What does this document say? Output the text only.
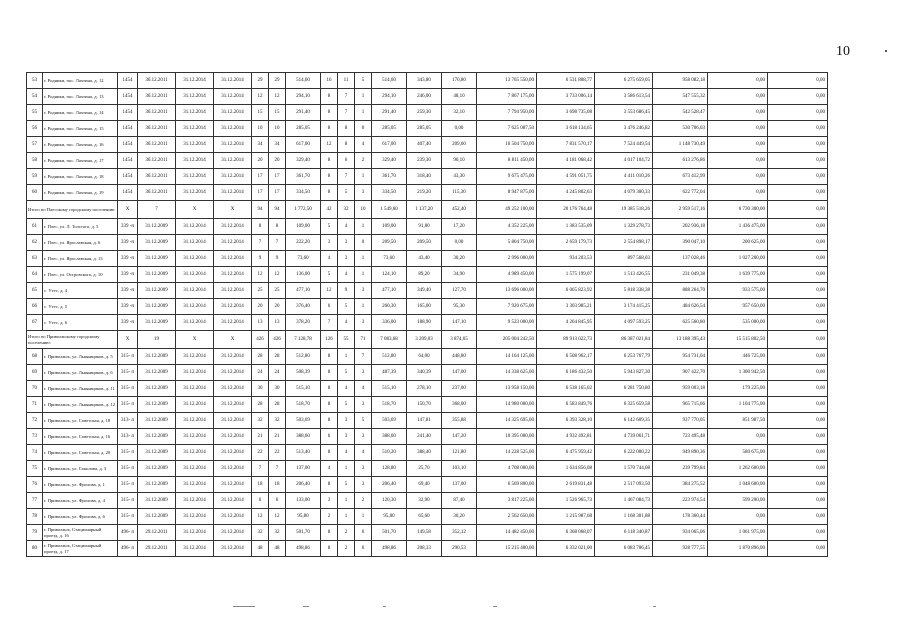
10
53	г. Родники, пос. Лахтина, д. 12	1454	30.12.2011	31.12.2014	31.12.2014	29	29	514,60	16	11	5	514,60	343,80	170,80	13 765 550,00	6 531 808,77	6 275 659,05	958 082,18	0,00	0,00
54	г. Родники, пос. Лахтина, д. 13	1454	30.12.2011	31.12.2014	31.12.2014	12	12	294,10	8	7	1	294,10	246,00	48,10	7 867 175,00	3 733 006,14	3 586 613,54	547 555,32	0,00	0,00
55	г. Родники, пос. Лахтина, д. 14	1454	30.12.2011	31.12.2014	31.12.2014	15	15	291,40	8	7	1	291,40	259,30	32,10	7 794 950,00	3 698 735,08	3 553 686,45	542 528,47	0,00	0,00
56	г. Родники, пос. Лахтина, д. 15	1454	30.12.2011	31.12.2014	31.12.2014	10	10	285,05	8	8	0	285,05	285,05	0,00	7 625 087,50	3 618 134,65	3 476 246,82	530 706,03	0,00	0,00
57	г. Родники, пос. Лахтина, д. 16	1454	30.12.2011	31.12.2014	31.12.2014	34	34	617,00	12	8	4	617,00	407,40	209,60	16 504 750,00	7 831 570,17	7 524 449,54	1 148 730,49	0,00	0,00
58	г. Родники, пос. Лахтина, д. 17	1454	30.12.2011	31.12.2014	31.12.2014	20	20	329,40	8	6	2	329,40	239,30	90,10	8 811 450,00	4 181 068,42	4 017 104,72	613 276,86	0,00	0,00
59	г. Родники, пос. Лахтина, д. 18	1454	30.12.2011	31.12.2014	31.12.2014	17	17	361,70	8	7	1	361,70	318,40	43,30	9 675 475,00	4 591 051,75	4 411 010,26	673 412,99	0,00	0,00
60	г. Родники, пос. Лахтина, д. 19	1454	30.12.2011	31.12.2014	31.12.2014	17	17	334,50	8	5	3	334,50	219,20	115,30	8 947 875,00	4 245 802,63	4 079 300,33	622 772,04	0,00	0,00
Итого по Плесскому городскому поселению:		X	7	X	X	94	94	1 772,50	42	32	10	1 549,60	1 137,20	452,40	49 252 100,00	20 176 764,48	19 385 518,26	2 959 517,16	6 730 300,00	0,00
61	г. Плес, ул. Л. Толстого, д. 5	339 -п	31.12.2009	31.12.2014	31.12.2014	8	8	109,00	5	4	1	109,00	91,80	17,20	4 352 225,00	1 383 535,09	1 329 278,73	202 936,18	1 436 475,00	0,00
62	г. Плес, ул. Ярославская, д. 6	339 -п	31.12.2009	31.12.2014	31.12.2014	7	7	222,20	3	3	0	209,50	209,50	0,00	5 804 750,00	2 659 179,73	2 554 898,17	390 047,10	200 625,00	0,00
63	г. Плес, ул. Ярославская, д. 13	339 -п	31.12.2009	31.12.2014	31.12.2014	9	9	73,60	4	3	1	73,60	43,40	30,20	2 996 000,00	934 203,53	897 568,03	137 028,46	1 027 200,00	0,00
64	г. Плес, ул. Островского, д. 10	339 -п	31.12.2009	31.12.2014	31.12.2014	12	12	136,00	5	4	1	124,10	89,20	34,90	4 989 450,00	1 575 199,07	1 513 426,55	231 049,38	1 639 775,00	0,00
65	с. Утес, д. 4	339 -п	31.12.2009	31.12.2014	31.12.2014	25	25	477,10	12	9	3	477,10	349,40	127,70	13 696 000,00	6 065 823,92	5 818 338,38	888 264,70	933 575,00	0,00
66	с. Утес, д. 5	339 -п	31.12.2009	31.12.2014	31.12.2014	20	20	376,40	6	5	1	260,30	165,00	95,30	7 920 675,00	3 303 985,21	3 174 415,25	484 626,54	957 650,00	0,00
67	с. Утес, д. 6	339 -п	31.12.2009	31.12.2014	31.12.2014	13	13	378,20	7	4	3	336,00	188,90	147,10	9 523 000,00	4 264 845,95	4 097 593,25	625 560,80	535 000,00	0,00
Итого по Приволжскому городскому поселению:		X	19	X	X	426	426	7 128,78	126	55	71	7 083,68	3 209,03	3 874,65	205 004 242,50	89 913 022,73	86 387 021,84	13 188 395,43	15 515 802,50	0,00
68	г. Приволжск, ул. Льнянщиков, д. 5	315- п	31.12.2009	31.12.2014	31.12.2014	28	28	512,80	8	1	7	512,80	64,00	448,80	14 164 125,00	6 508 962,17	6 253 767,79	954 731,04	446 725,00	0,00
69	г. Приволжск, ул. Льнянщиков, д. 6	315- п	31.12.2009	31.12.2014	31.12.2014	24	24	508,39	8	5	3	487,39	340,39	147,00	14 338 625,00	6 186 432,50	5 943 827,30	907 422,70	1 300 942,50	0,00
70	г. Приволжск, ул. Льнянщиков, д. 11	315- п	31.12.2009	31.12.2014	31.12.2014	30	30	515,10	8	4	4	515,10	278,10	237,00	13 958 150,00	6 538 165,02	6 281 750,80	959 003,18	179 225,00	0,00
71	г. Приволжск, ул. Льнянщиков, д. 12	315- п	31.12.2009	31.12.2014	31.12.2014	28	28	518,70	8	5	3	518,70	150,70	368,00	14 980 000,00	6 583 849,76	6 325 659,58	965 715,66	1 104 775,00	0,00
72	г. Приволжск, ул. Советская, д. 18	313- п	31.12.2009	31.12.2014	31.12.2014	32	32	503,69	8	3	5	503,69	147,81	355,88	14 325 695,00	6 393 328,10	6 142 609,35	937 770,05	851 987,50	0,00
73	г. Приволжск, ул. Советская, д. 16	313- п	31.12.2009	31.12.2014	31.12.2014	21	21	388,60	6	3	3	388,60	241,40	147,20	10 395 000,00	4 932 492,81	4 739 061,71	723 495,48	0,00	0,00
74	г. Приволжск, ул. Советская, д. 20	315- п	31.12.2009	31.12.2014	31.12.2014	22	22	513,40	8	4	4	510,20	388,40	121,80	14 228 525,00	6 475 959,42	6 222 000,22	949 890,36	580 675,00	0,00
75	г. Приволжск, ул. Соколова, д. 3	315- п	31.12.2009	31.12.2014	31.12.2014	7	7	137,00	4	1	3	128,80	25,70	103,10	4 708 000,00	1 634 856,08	1 570 744,08	239 799,84	1 262 600,00	0,00
76	г. Приволжск, ул. Фролова, д. 1	315- п	31.12.2009	31.12.2014	31.12.2014	18	18	206,40	8	5	3	206,40	69,40	137,00	6 569 800,00	2 619 831,48	2 517 093,50	384 275,52	1 048 600,00	0,00
77	г. Приволжск, ул. Фролова, д. 4	315- п	31.12.2009	31.12.2014	31.12.2014	6	6	133,00	3	1	2	120,30	32,90	87,40	3 817 225,00	1 526 965,73	1 467 084,73	223 974,54	599 200,00	0,00
78	г. Приволжск, ул. Фролова, д. 6	315- п	31.12.2009	31.12.2014	31.12.2014	12	12	95,80	2	1	1	95,80	65,60	30,20	2 562 650,00	1 215 987,68	1 168 301,88	178 360,44	0,00	0,00
79	г. Приволжск, Стационарный проезд, д. 16	496- п	29.12.2011	31.12.2014	31.12.2014	32	32	501,70	8	2	6	501,70	149,58	352,12	14 482 450,00	6 368 068,07	6 118 340,87	934 065,06	1 061 975,00	0,00
80	г. Приволжск, Стационарный проезд, д. 17	496- п	29.12.2011	31.12.2014	31.12.2014	48	48	498,86	8	2	6	498,86	208,33	290,53	15 215 400,00	6 332 021,00	6 083 706,45	928 777,55	1 870 896,00	0,00
